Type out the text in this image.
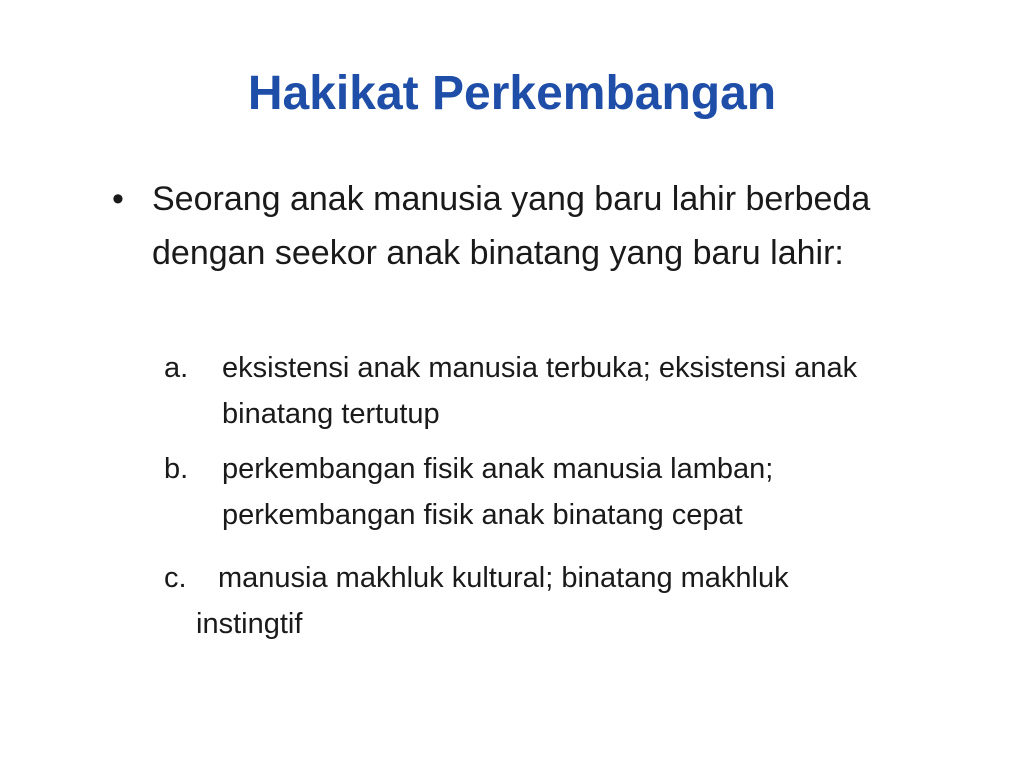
Hakikat Perkembangan
• Seorang anak manusia yang baru lahir berbeda dengan seekor anak binatang yang baru lahir:
a.	eksistensi anak manusia terbuka; eksistensi anak binatang tertutup
b.	perkembangan fisik anak manusia lamban; perkembangan fisik anak binatang cepat
c. manusia makhluk kultural; binatang makhluk
instingtif
